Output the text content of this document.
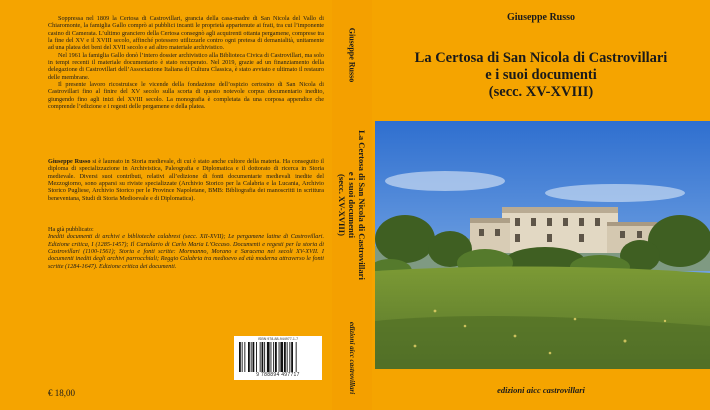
Soppressa nel 1809 la Certosa di Castrovillari, grancia della casa-madre di San Nicola del Vallo di Chiaromonte, la famiglia Gallo comprò ai pubblici incanti le proprietà appartenute ai frati, tra cui l’imponente casino di Camerata. L’ultimo granciero della Certosa consegnò agli acquirenti ottanta pergamene, comprese tra la fine del XV e il XVIII secolo, affinché potessero utilizzarle contro ogni pretesa di demanialità, unitamente ad una platea dei beni del XVII secolo e ad altro materiale archivistico.

Nel 1961 la famiglia Gallo donò l’intero dossier archivistico alla Biblioteca Civica di Castrovillari, ma solo in tempi recenti il materiale documentario è stato recuperato. Nel 2019, grazie ad un finanziamento della delegazione di Castrovillari dell’Associazione Italiana di Cultura Classica, è stato avviato e ultimato il restauro delle membrane.

Il presente lavoro ricostruisce le vicende della fondazione dell’ospizio certosino di San Nicola di Castrovillari fino al finire del XV secolo sulla scorta di questo notevole corpus documentario inedito, giungendo fino agli inizi del XVIII secolo. La monografia è completata da una corposa appendice che comprende l’edizione e i regesti delle pergamene e della platea.

Giuseppe Russo si è laureato in Storia medievale, di cui è stato anche cultore della materia. Ha conseguito il diploma di specializzazione in Archivistica, Paleografia e Diplomatica e il dottorato di ricerca in Storia medievale. Diversi suoi contributi, relativi all’edizione di fonti documentarie medievali inedite del Mezzogiorno, sono apparsi su riviste specializzate (Archivio Storico per la Calabria e la Lucania, Archivio Storico Pugliese, Archivio Storico per le Province Napoletane, BMB: Bibliografia dei manoscritti in scrittura beneventana, Studi di Storia Medioevale e di Diplomatica).

Ha già pubblicato:

Inediti documenti di archivi e biblioteche calabresi (secc. XII-XVII); Le pergamene latine di Castrovillari. Edizione critica, I (1285-1457); Il Cartulario di Carlo Maria L’Occaso. Documenti e regesti per la storia di Castrovillari (1100-1561); Storia e fonti scritte: Mormanno, Morano e Saracena nei secoli XV-XVII. I documenti inediti degli archivi parrocchiali; Reggio Calabria tra medioevo ed età moderna attraverso le fonti scritte (1284-1647). Edizione critica dei documenti.

€ 18,00
ISBN 978-88-944977-1-7
9 788894 497717
Giuseppe Russo
La Certosa di San Nicola di Castrovillari
e i suoi documenti
(secc. XV-XVIII)
edizioni aicc castrovillari
Giuseppe Russo
La Certosa di San Nicola di Castrovillari
e i suoi documenti
(secc. XV-XVIII)
edizioni aicc castrovillari
